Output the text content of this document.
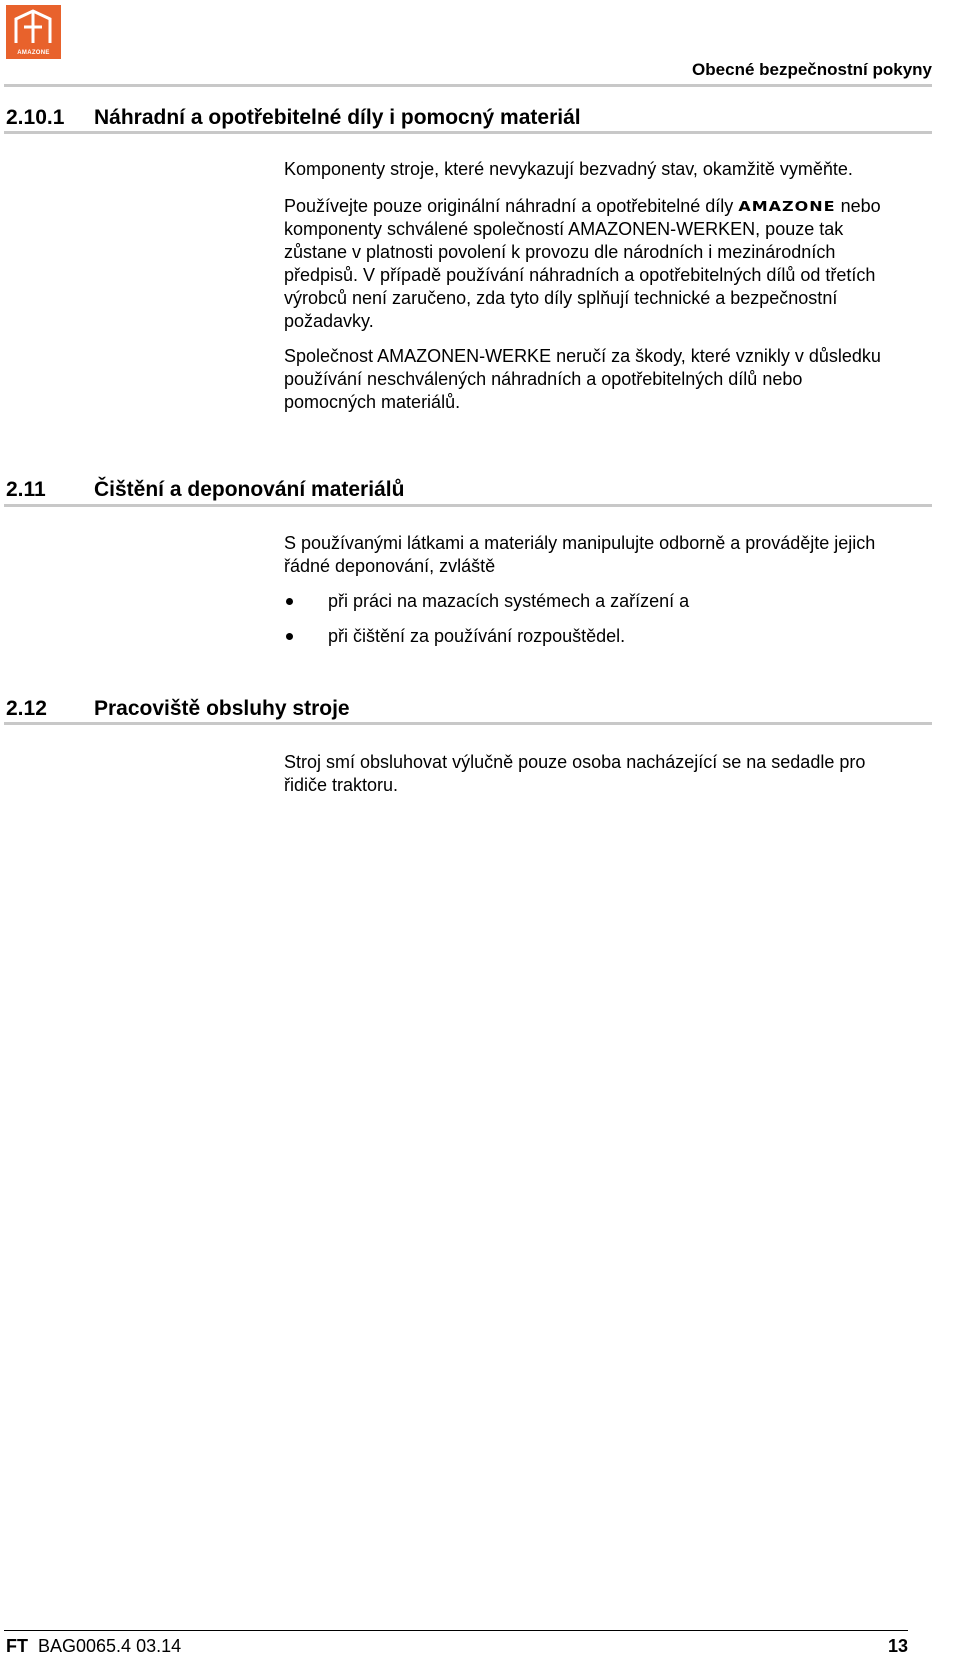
AMAZONE
Obecné bezpečnostní pokyny
2.10.1 Náhradní a opotřebitelné díly i pomocný materiál

Komponenty stroje, které nevykazují bezvadný stav, okamžitě vyměňte.

Používejte pouze originální náhradní a opotřebitelné díly AMAZONE nebo komponenty schválené společností AMAZONEN-WERKEN, pouze tak zůstane v platnosti povolení k provozu dle národních i mezinárodních předpisů. V případě používání náhradních a opotřebitelných dílů od třetích výrobců není zaručeno, zda tyto díly splňují technické a bezpečnostní požadavky.

Společnost AMAZONEN-WERKE neručí za škody, které vznikly v důsledku používání neschválených náhradních a opotřebitelných dílů nebo pomocných materiálů.

2.11 Čištění a deponování materiálů

S používanými látkami a materiály manipulujte odborně a provádějte jejich řádné deponování, zvláště

při práci na mazacích systémech a zařízení a
při čištění za používání rozpouštědel.
2.12 Pracoviště obsluhy stroje

Stroj smí obsluhovat výlučně pouze osoba nacházející se na sedadle pro řidiče traktoru.

FT BAG0065.4 03.14	13
